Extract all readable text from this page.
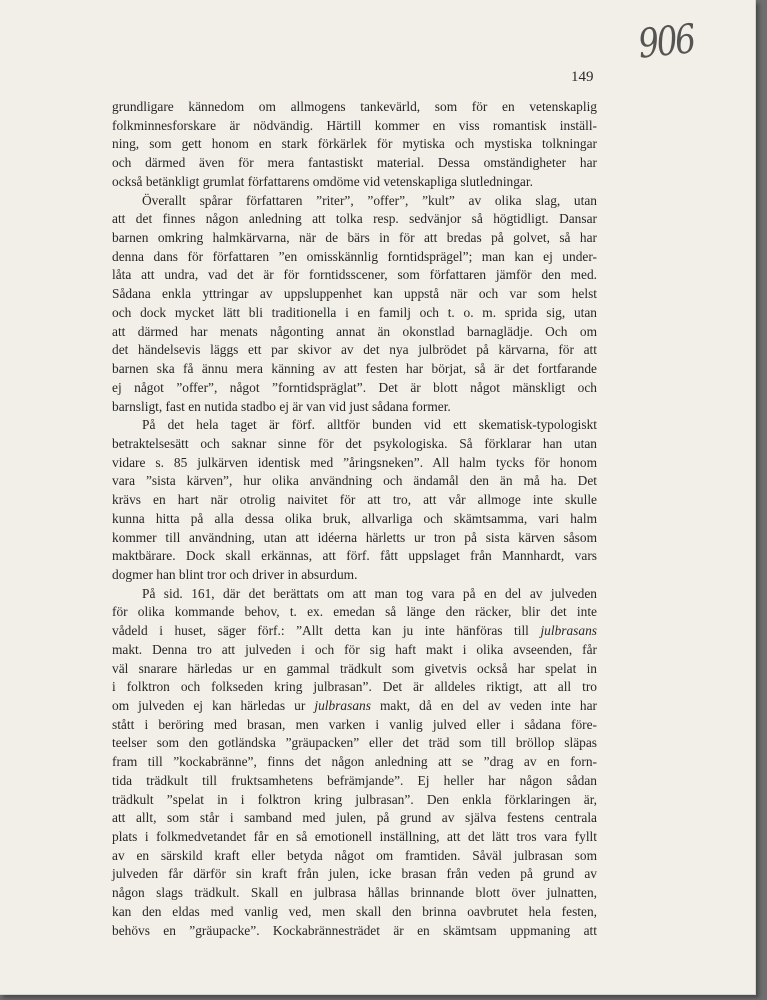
906
149
grundligare kännedom om allmogens tankevärld, som för en vetenskaplig
folkminnesforskare är nödvändig. Härtill kommer en viss romantisk inställ-
ning, som gett honom en stark förkärlek för mytiska och mystiska tolkningar
och därmed även för mera fantastiskt material. Dessa omständigheter har
också betänkligt grumlat författarens omdöme vid vetenskapliga slutledningar.
Överallt spårar författaren ”riter”, ”offer”, ”kult” av olika slag, utan
att det finnes någon anledning att tolka resp. sedvänjor så högtidligt. Dansar
barnen omkring halmkärvarna, när de bärs in för att bredas på golvet, så har
denna dans för författaren ”en omisskännlig forntidsprägel”; man kan ej under-
låta att undra, vad det är för forntidsscener, som författaren jämför den med.
Sådana enkla yttringar av uppsluppenhet kan uppstå när och var som helst
och dock mycket lätt bli traditionella i en familj och t. o. m. sprida sig, utan
att därmed har menats någonting annat än okonstlad barnaglädje. Och om
det händelsevis läggs ett par skivor av det nya julbrödet på kärvarna, för att
barnen ska få ännu mera känning av att festen har börjat, så är det fortfarande
ej något ”offer”, något ”forntidspräglat”. Det är blott något mänskligt och
barnsligt, fast en nutida stadbo ej är van vid just sådana former.
På det hela taget är förf. alltför bunden vid ett skematisk-typologiskt
betraktelsesätt och saknar sinne för det psykologiska. Så förklarar han utan
vidare s. 85 julkärven identisk med ”åringsneken”. All halm tycks för honom
vara ”sista kärven”, hur olika användning och ändamål den än må ha. Det
krävs en hart när otrolig naivitet för att tro, att vår allmoge inte skulle
kunna hitta på alla dessa olika bruk, allvarliga och skämtsamma, vari halm
kommer till användning, utan att idéerna härletts ur tron på sista kärven såsom
maktbärare. Dock skall erkännas, att förf. fått uppslaget från Mannhardt, vars
dogmer han blint tror och driver in absurdum.
På sid. 161, där det berättats om att man tog vara på en del av julveden
för olika kommande behov, t. ex. emedan så länge den räcker, blir det inte
vådeld i huset, säger förf.: ”Allt detta kan ju inte hänföras till julbrasans
makt. Denna tro att julveden i och för sig haft makt i olika avseenden, får
väl snarare härledas ur en gammal trädkult som givetvis också har spelat in
i folktron och folkseden kring julbrasan”. Det är alldeles riktigt, att all tro
om julveden ej kan härledas ur julbrasans makt, då en del av veden inte har
stått i beröring med brasan, men varken i vanlig julved eller i sådana före-
teelser som den gotländska ”gräupacken” eller det träd som till bröllop släpas
fram till ”kockabränne”, finns det någon anledning att se ”drag av en forn-
tida trädkult till fruktsamhetens befrämjande”. Ej heller har någon sådan
trädkult ”spelat in i folktron kring julbrasan”. Den enkla förklaringen är,
att allt, som står i samband med julen, på grund av själva festens centrala
plats i folkmedvetandet får en så emotionell inställning, att det lätt tros vara fyllt
av en särskild kraft eller betyda något om framtiden. Såväl julbrasan som
julveden får därför sin kraft från julen, icke brasan från veden på grund av
någon slags trädkult. Skall en julbrasa hållas brinnande blott över julnatten,
kan den eldas med vanlig ved, men skall den brinna oavbrutet hela festen,
behövs en ”gräupacke”. Kockabrännesträdet är en skämtsam uppmaning att
